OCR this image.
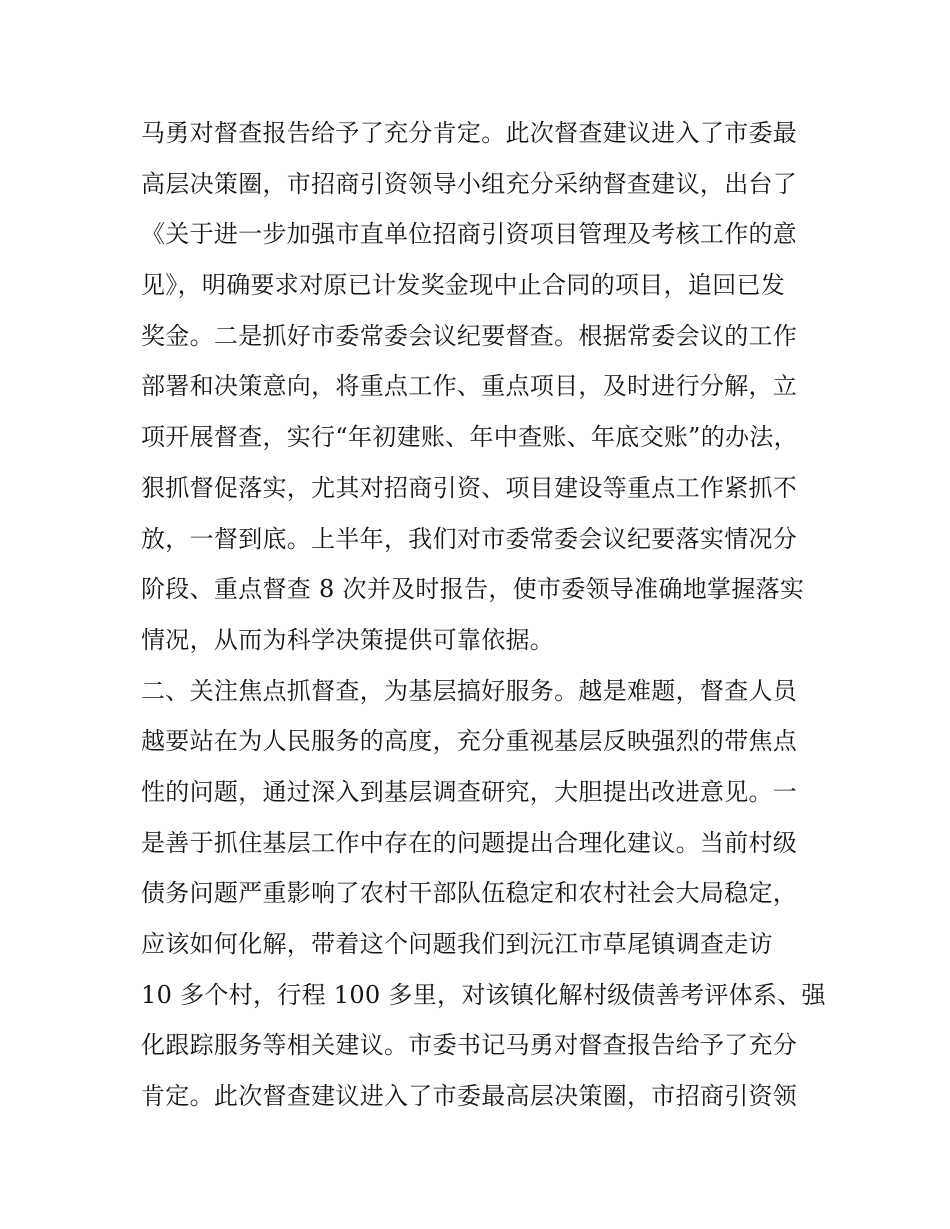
马勇对督查报告给予了充分肯定。此次督查建议进入了市委最
高层决策圈，市招商引资领导小组充分采纳督查建议，出台了
《关于进一步加强市直单位招商引资项目管理及考核工作的意
见》，明确要求对原已计发奖金现中止合同的项目，追回已发
奖金。二是抓好市委常委会议纪要督查。根据常委会议的工作
部署和决策意向，将重点工作、重点项目，及时进行分解，立
项开展督查，实行“年初建账、年中查账、年底交账”的办法，
狠抓督促落实，尤其对招商引资、项目建设等重点工作紧抓不
放，一督到底。上半年，我们对市委常委会议纪要落实情况分
阶段、重点督查 8 次并及时报告，使市委领导准确地掌握落实
情况，从而为科学决策提供可靠依据。
二、关注焦点抓督查，为基层搞好服务。越是难题，督查人员
越要站在为人民服务的高度，充分重视基层反映强烈的带焦点
性的问题，通过深入到基层调查研究，大胆提出改进意见。一
是善于抓住基层工作中存在的问题提出合理化建议。当前村级
债务问题严重影响了农村干部队伍稳定和农村社会大局稳定，
应该如何化解，带着这个问题我们到沅江市草尾镇调查走访
10 多个村，行程 100 多里，对该镇化解村级债善考评体系、强
化跟踪服务等相关建议。市委书记马勇对督查报告给予了充分
肯定。此次督查建议进入了市委最高层决策圈，市招商引资领
